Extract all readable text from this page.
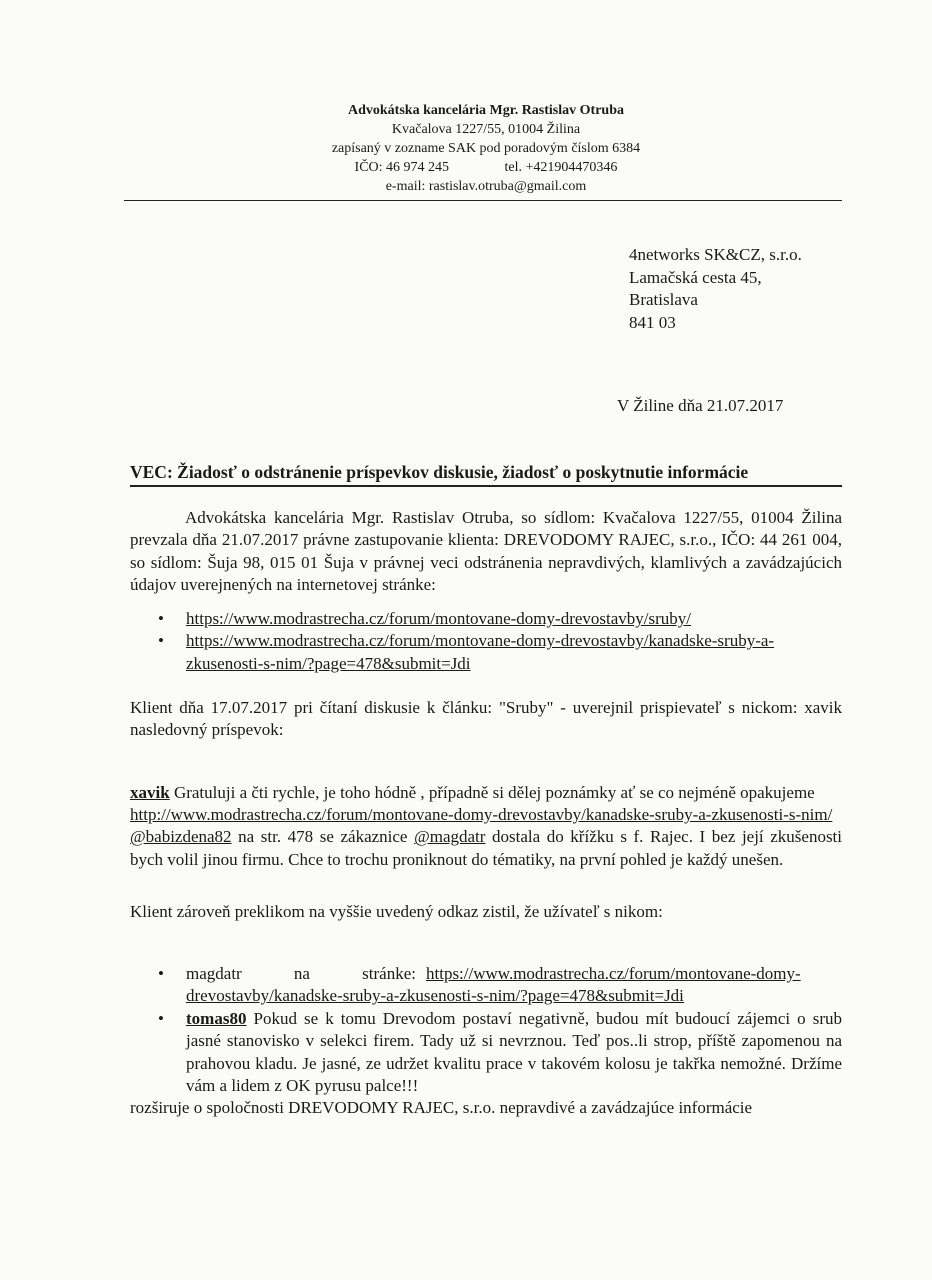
Advokátska kancelária Mgr. Rastislav Otruba
Kvačalova 1227/55, 01004 Žilina
zapísaný v zozname SAK pod poradovým číslom 6384
IČO: 46 974 245	tel. +421904470346
e-mail: rastislav.otruba@gmail.com
4networks SK&CZ, s.r.o.
Lamačská cesta 45,
Bratislava
841 03
V Žiline dňa 21.07.2017
VEC: Žiadosť o odstránenie príspevkov diskusie, žiadosť o poskytnutie informácie

Advokátska kancelária Mgr. Rastislav Otruba, so sídlom: Kvačalova 1227/55, 01004 Žilina prevzala dňa 21.07.2017 právne zastupovanie klienta: DREVODOMY RAJEC, s.r.o., IČO: 44 261 004, so sídlom: Šuja 98, 015 01 Šuja v právnej veci odstránenia nepravdivých, klamlivých a zavádzajúcich údajov uverejnených na internetovej stránke:

• https://www.modrastrecha.cz/forum/montovane-domy-drevostavby/sruby/
• https://www.modrastrecha.cz/forum/montovane-domy-drevostavby/kanadske-sruby-a-zkusenosti-s-nim/?page=478&submit=Jdi

Klient dňa 17.07.2017 pri čítaní diskusie k článku: "Sruby" - uverejnil prispievateľ s nickom: xavik nasledovný príspevok:

xavik Gratuluji a čti rychle, je toho hódně , případně si dělej poznámky ať se co nejméně opakujeme
http://www.modrastrecha.cz/forum/montovane-domy-drevostavby/kanadske-sruby-a-zkusenosti-s-nim/
@babizdena82 na str. 478 se zákaznice @magdatr dostala do křížku s f. Rajec. I bez její zkušenosti bych volil jinou firmu. Chce to trochu proniknout do tématiky, na první pohled je každý unešen.

Klient zároveň preklikom na vyššie uvedený odkaz zistil, že užívateľ s nikom:

https://www.modrastrecha.cz/forum/montovane-domy-drevostavby/kanadske-sruby-a-zkusenosti-s-nim/?page=478&submit=Jdi
• tomas80 Pokud se k tomu Drevodom postaví negativně, budou mít budoucí zájemci o srub jasné stanovisko v selekci firem. Tady už si nevrznou. Teď pos..li strop, příště zapomenou na prahovou kladu. Je jasné, ze udržet kvalitu prace v takovém kolosu je takřka nemožné. Držíme vám a lidem z OK pyrusu palce!!!
rozširuje o spoločnosti DREVODOMY RAJEC, s.r.o. nepravdivé a zavádzajúce informácie
• magdatr	na	stránke:
